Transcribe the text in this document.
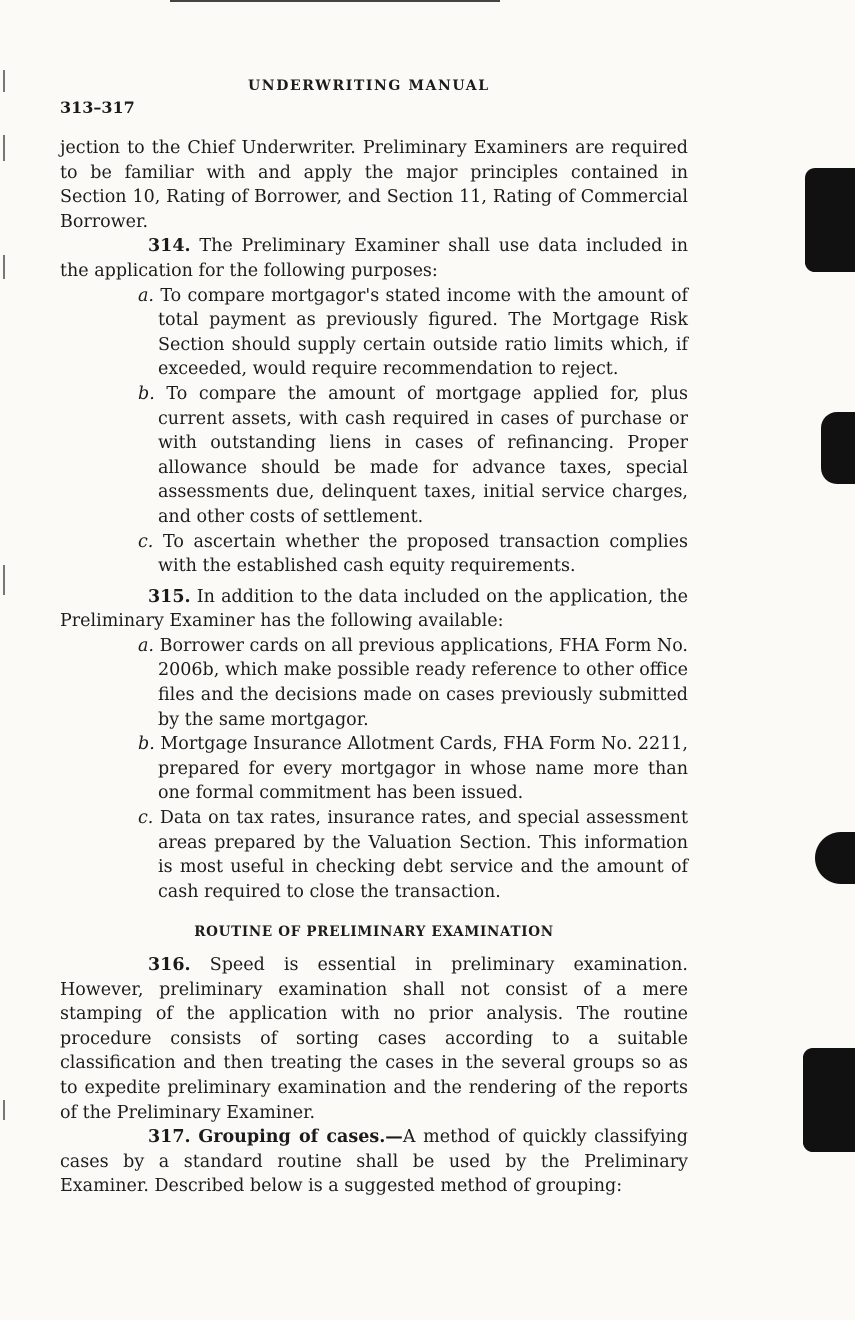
UNDERWRITING MANUAL
313–317

jection to the Chief Underwriter. Preliminary Examiners are required to be familiar with and apply the major principles contained in Section 10, Rating of Borrower, and Section 11, Rating of Commercial Borrower.

314. The Preliminary Examiner shall use data included in the application for the following purposes:

a. To compare mortgagor's stated income with the amount of total payment as previously figured. The Mortgage Risk Section should supply certain outside ratio limits which, if exceeded, would require recommendation to reject.

b. To compare the amount of mortgage applied for, plus current assets, with cash required in cases of purchase or with outstanding liens in cases of refinancing. Proper allowance should be made for advance taxes, special assessments due, delinquent taxes, initial service charges, and other costs of settlement.

c. To ascertain whether the proposed transaction complies with the established cash equity requirements.

315. In addition to the data included on the application, the Preliminary Examiner has the following available:

a. Borrower cards on all previous applications, FHA Form No. 2006b, which make possible ready reference to other office files and the decisions made on cases previously submitted by the same mortgagor.

b. Mortgage Insurance Allotment Cards, FHA Form No. 2211, prepared for every mortgagor in whose name more than one formal commitment has been issued.

c. Data on tax rates, insurance rates, and special assessment areas prepared by the Valuation Section. This information is most useful in checking debt service and the amount of cash required to close the transaction.

ROUTINE OF PRELIMINARY EXAMINATION

316. Speed is essential in preliminary examination. However, preliminary examination shall not consist of a mere stamping of the application with no prior analysis. The routine procedure consists of sorting cases according to a suitable classification and then treating the cases in the several groups so as to expedite preliminary examination and the rendering of the reports of the Preliminary Examiner.

317. Grouping of cases.—A method of quickly classifying cases by a standard routine shall be used by the Preliminary Examiner. Described below is a suggested method of grouping:
